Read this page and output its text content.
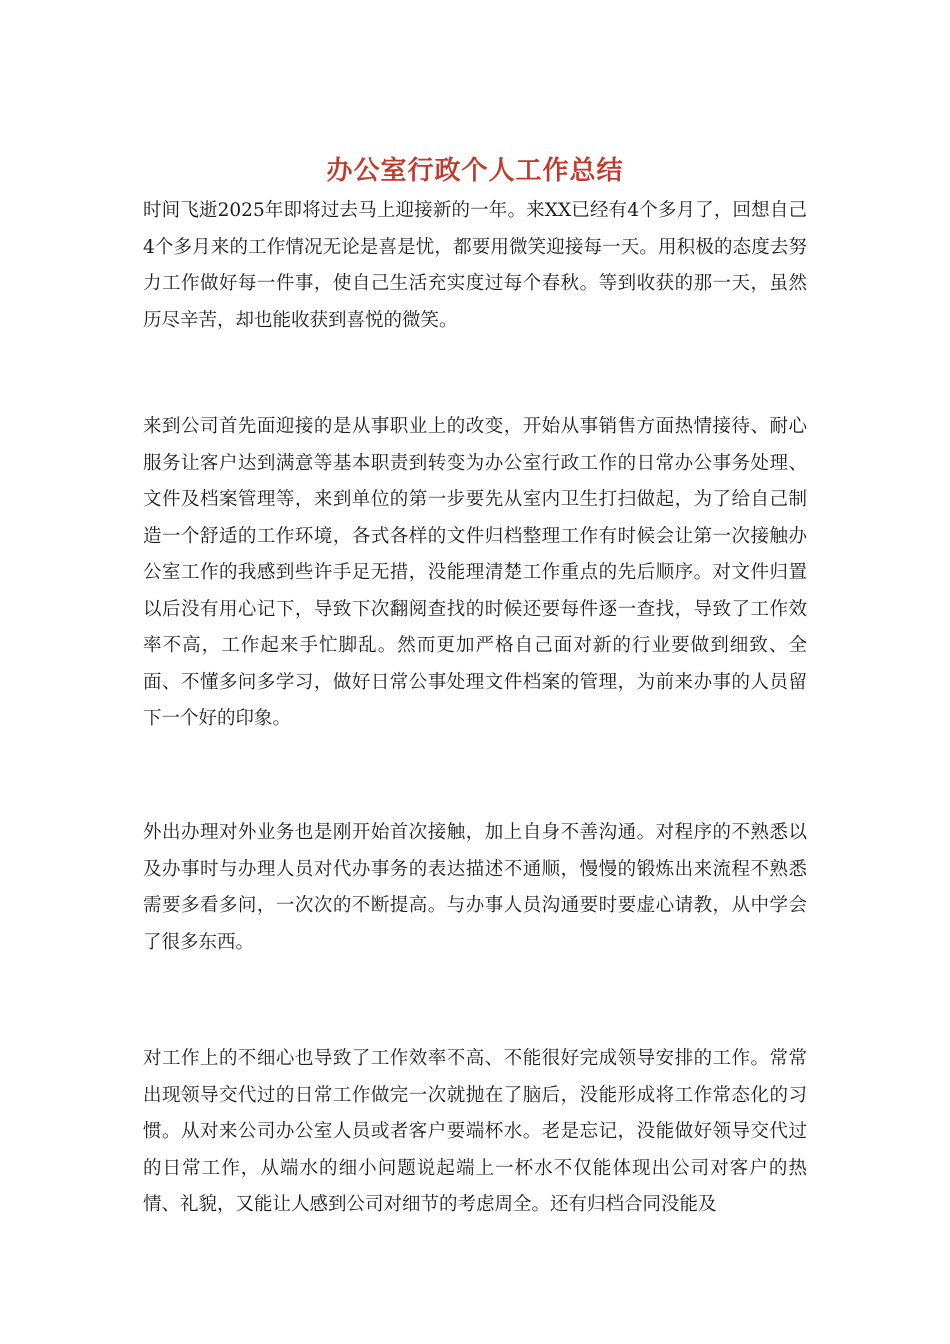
办公室行政个人工作总结

时间飞逝2025年即将过去马上迎接新的一年。来XX已经有4个多月了，回想自己4个多月来的工作情况无论是喜是忧，都要用微笑迎接每一天。用积极的态度去努力工作做好每一件事，使自己生活充实度过每个春秋。等到收获的那一天，虽然历尽辛苦，却也能收获到喜悦的微笑。

来到公司首先面迎接的是从事职业上的改变，开始从事销售方面热情接待、耐心服务让客户达到满意等基本职责到转变为办公室行政工作的日常办公事务处理、文件及档案管理等，来到单位的第一步要先从室内卫生打扫做起，为了给自己制造一个舒适的工作环境，各式各样的文件归档整理工作有时候会让第一次接触办公室工作的我感到些许手足无措，没能理清楚工作重点的先后顺序。对文件归置以后没有用心记下，导致下次翻阅查找的时候还要每件逐一查找，导致了工作效率不高，工作起来手忙脚乱。然而更加严格自己面对新的行业要做到细致、全面、不懂多问多学习，做好日常公事处理文件档案的管理，为前来办事的人员留下一个好的印象。

外出办理对外业务也是刚开始首次接触，加上自身不善沟通。对程序的不熟悉以及办事时与办理人员对代办事务的表达描述不通顺，慢慢的锻炼出来流程不熟悉需要多看多问，一次次的不断提高。与办事人员沟通要时要虚心请教，从中学会了很多东西。

对工作上的不细心也导致了工作效率不高、不能很好完成领导安排的工作。常常出现领导交代过的日常工作做完一次就抛在了脑后，没能形成将工作常态化的习惯。从对来公司办公室人员或者客户要端杯水。老是忘记，没能做好领导交代过的日常工作，从端水的细小问题说起端上一杯水不仅能体现出公司对客户的热情、礼貌，又能让人感到公司对细节的考虑周全。还有归档合同没能及
